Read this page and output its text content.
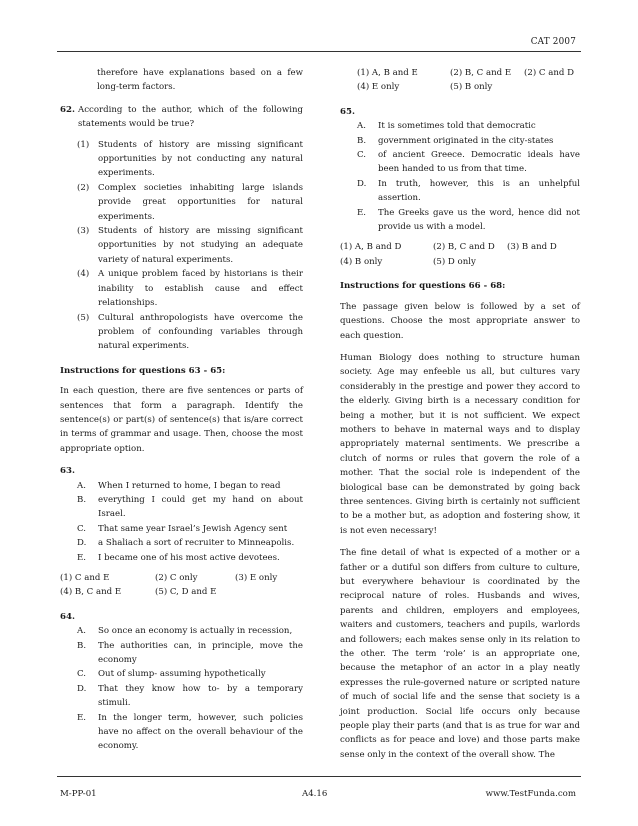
CAT 2007
therefore have explanations based on a few long-term factors.
62. According to the author, which of the following statements would be true?
(1)	Students of history are missing significant opportunities by not conducting any natural experiments.
(2)	Complex societies inhabiting large islands provide great opportunities for natural experiments.
(3)	Students of history are missing significant opportunities by not studying an adequate variety of natural experiments.
(4)	A unique problem faced by historians is their inability to establish cause and effect relationships.
(5)	Cultural anthropologists have overcome the problem of confounding variables through natural experiments.
Instructions for questions 63 - 65:
In each question, there are five sentences or parts of sentences that form a paragraph. Identify the sentence(s) or part(s) of sentence(s) that is/are correct in terms of grammar and usage. Then, choose the most appropriate option.
63.
A.	When I returned to home, I began to read
B.	everything I could get my hand on about Israel.
C.	That same year Israel’s Jewish Agency sent
D.	a Shaliach a sort of recruiter to Minneapolis.
E.	I became one of his most active devotees.
(1) C and E	(2) C only	(3) E only
(4) B, C and E	(5) C, D and E
64.
A.	So once an economy is actually in recession,
B.	The authorities can, in principle, move the economy
C.	Out of slump- assuming hypothetically
D.	That they know how to- by a temporary stimuli.
E.	In the longer term, however, such policies have no affect on the overall behaviour of the economy.
(1) A, B and E	(2) B, C and E	(2) C and D
(4) E only	(5) B only
65.
A.	It is sometimes told that democratic
B.	government originated in the city-states
C.	of ancient Greece. Democratic ideals have been handed to us from that time.
D.	In truth, however, this is an unhelpful assertion.
E.	The Greeks gave us the word, hence did not provide us with a model.
(1) A, B and D	(2) B, C and D	(3) B and D
(4) B only	(5) D only
Instructions for questions 66 - 68:
The passage given below is followed by a set of questions. Choose the most appropriate answer to each question.
Human Biology does nothing to structure human society. Age may enfeeble us all, but cultures vary considerably in the prestige and power they accord to the elderly. Giving birth is a necessary condition for being a mother, but it is not sufficient. We expect mothers to behave in maternal ways and to display appropriately maternal sentiments. We prescribe a clutch of norms or rules that govern the role of a mother. That the social role is independent of the biological base can be demonstrated by going back three sentences. Giving birth is certainly not sufficient to be a mother but, as adoption and fostering show, it is not even necessary!
The fine detail of what is expected of a mother or a father or a dutiful son differs from culture to culture, but everywhere behaviour is coordinated by the reciprocal nature of roles. Husbands and wives, parents and children, employers and employees, waiters and customers, teachers and pupils, warlords and followers; each makes sense only in its relation to the other. The term ‘role’ is an appropriate one, because the metaphor of an actor in a play neatly expresses the rule-governed nature or scripted nature of much of social life and the sense that society is a joint production. Social life occurs only because people play their parts (and that is as true for war and conflicts as for peace and love) and those parts make sense only in the context of the overall show. The
M-PP-01	A4.16	www.TestFunda.com
